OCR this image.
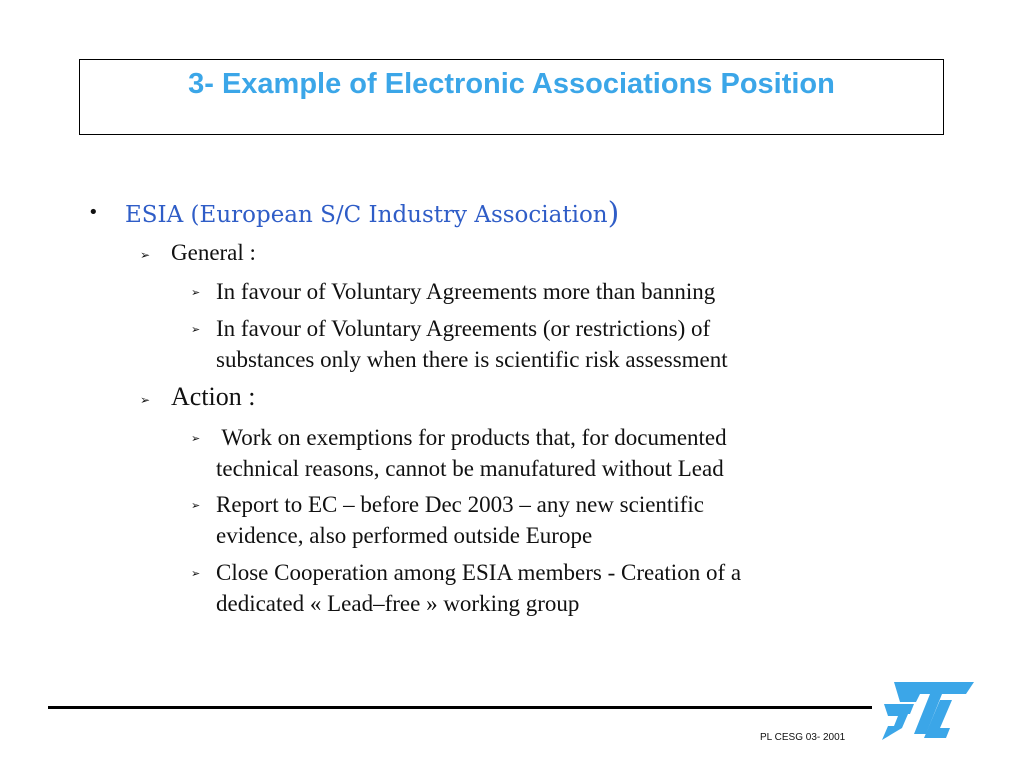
3- Example of Electronic Associations Position
• ESIA (European S/C Industry Association)
➢ General :
➢ In favour of Voluntary Agreements more than banning
➢ In favour of Voluntary Agreements (or restrictions) of
substances only when there is scientific risk assessment
➢ Action :
➢ Work on exemptions for products that, for documented
technical reasons, cannot be manufatured without Lead
➢ Report to EC – before Dec 2003 – any new scientific
evidence, also performed outside Europe
➢ Close Cooperation among ESIA members - Creation of a
dedicated « Lead–free » working group
PL CESG 03- 2001
